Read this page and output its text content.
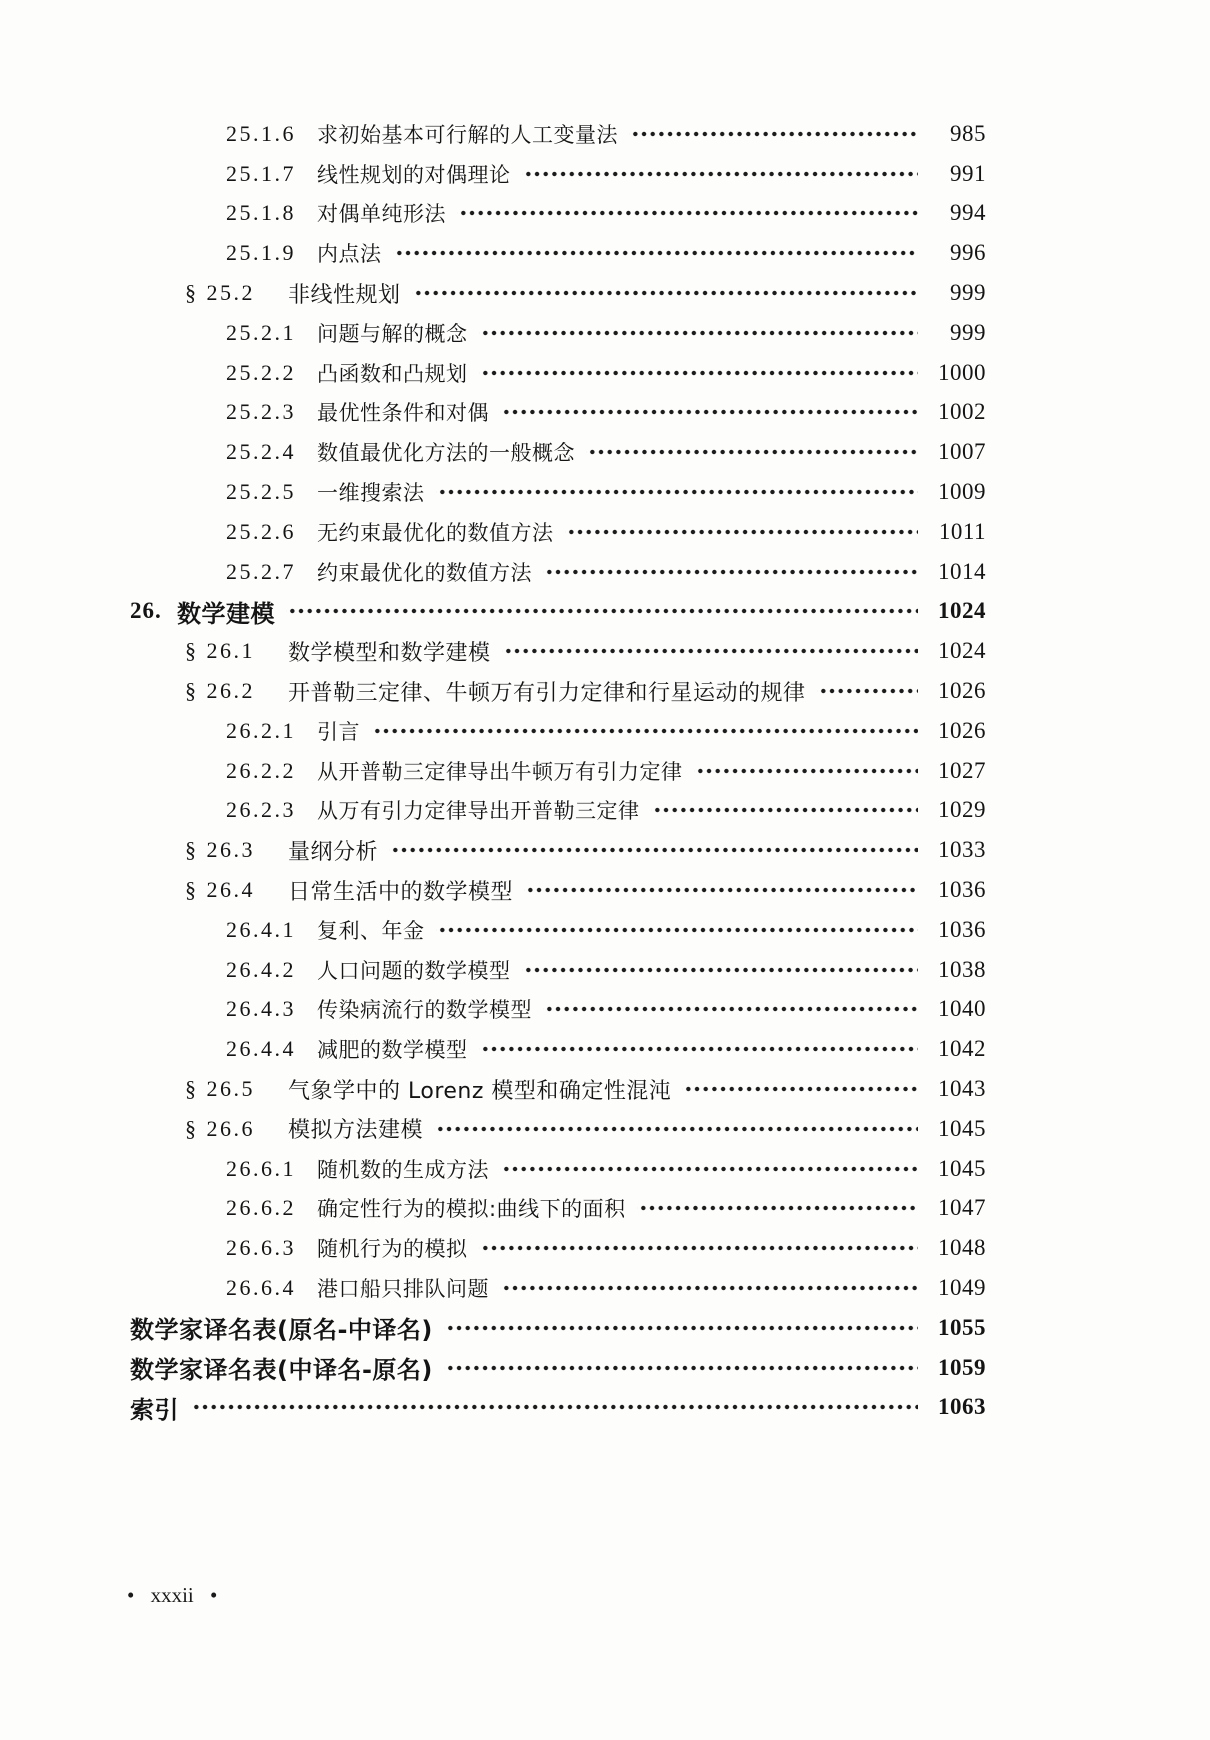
25.1.6	求初始基本可行解的人工变量法	985
25.1.7	线性规划的对偶理论	991
25.1.8	对偶单纯形法	994
25.1.9	内点法	996
§ 25.2	非线性规划	999
25.2.1	问题与解的概念	999
25.2.2	凸函数和凸规划	1000
25.2.3	最优性条件和对偶	1002
25.2.4	数值最优化方法的一般概念	1007
25.2.5	一维搜索法	1009
25.2.6	无约束最优化的数值方法	1011
25.2.7	约束最优化的数值方法	1014
26. 数学建模	1024
§ 26.1	数学模型和数学建模	1024
§ 26.2	开普勒三定律、牛顿万有引力定律和行星运动的规律	1026
26.2.1	引言	1026
26.2.2	从开普勒三定律导出牛顿万有引力定律	1027
26.2.3	从万有引力定律导出开普勒三定律	1029
§ 26.3	量纲分析	1033
§ 26.4	日常生活中的数学模型	1036
26.4.1	复利、年金	1036
26.4.2	人口问题的数学模型	1038
26.4.3	传染病流行的数学模型	1040
26.4.4	减肥的数学模型	1042
§ 26.5	气象学中的 Lorenz 模型和确定性混沌	1043
§ 26.6	模拟方法建模	1045
26.6.1	随机数的生成方法	1045
26.6.2	确定性行为的模拟:曲线下的面积	1047
26.6.3	随机行为的模拟	1048
26.6.4	港口船只排队问题	1049
数学家译名表(原名-中译名)	1055
数学家译名表(中译名-原名)	1059
索引	1063
• xxxii •
